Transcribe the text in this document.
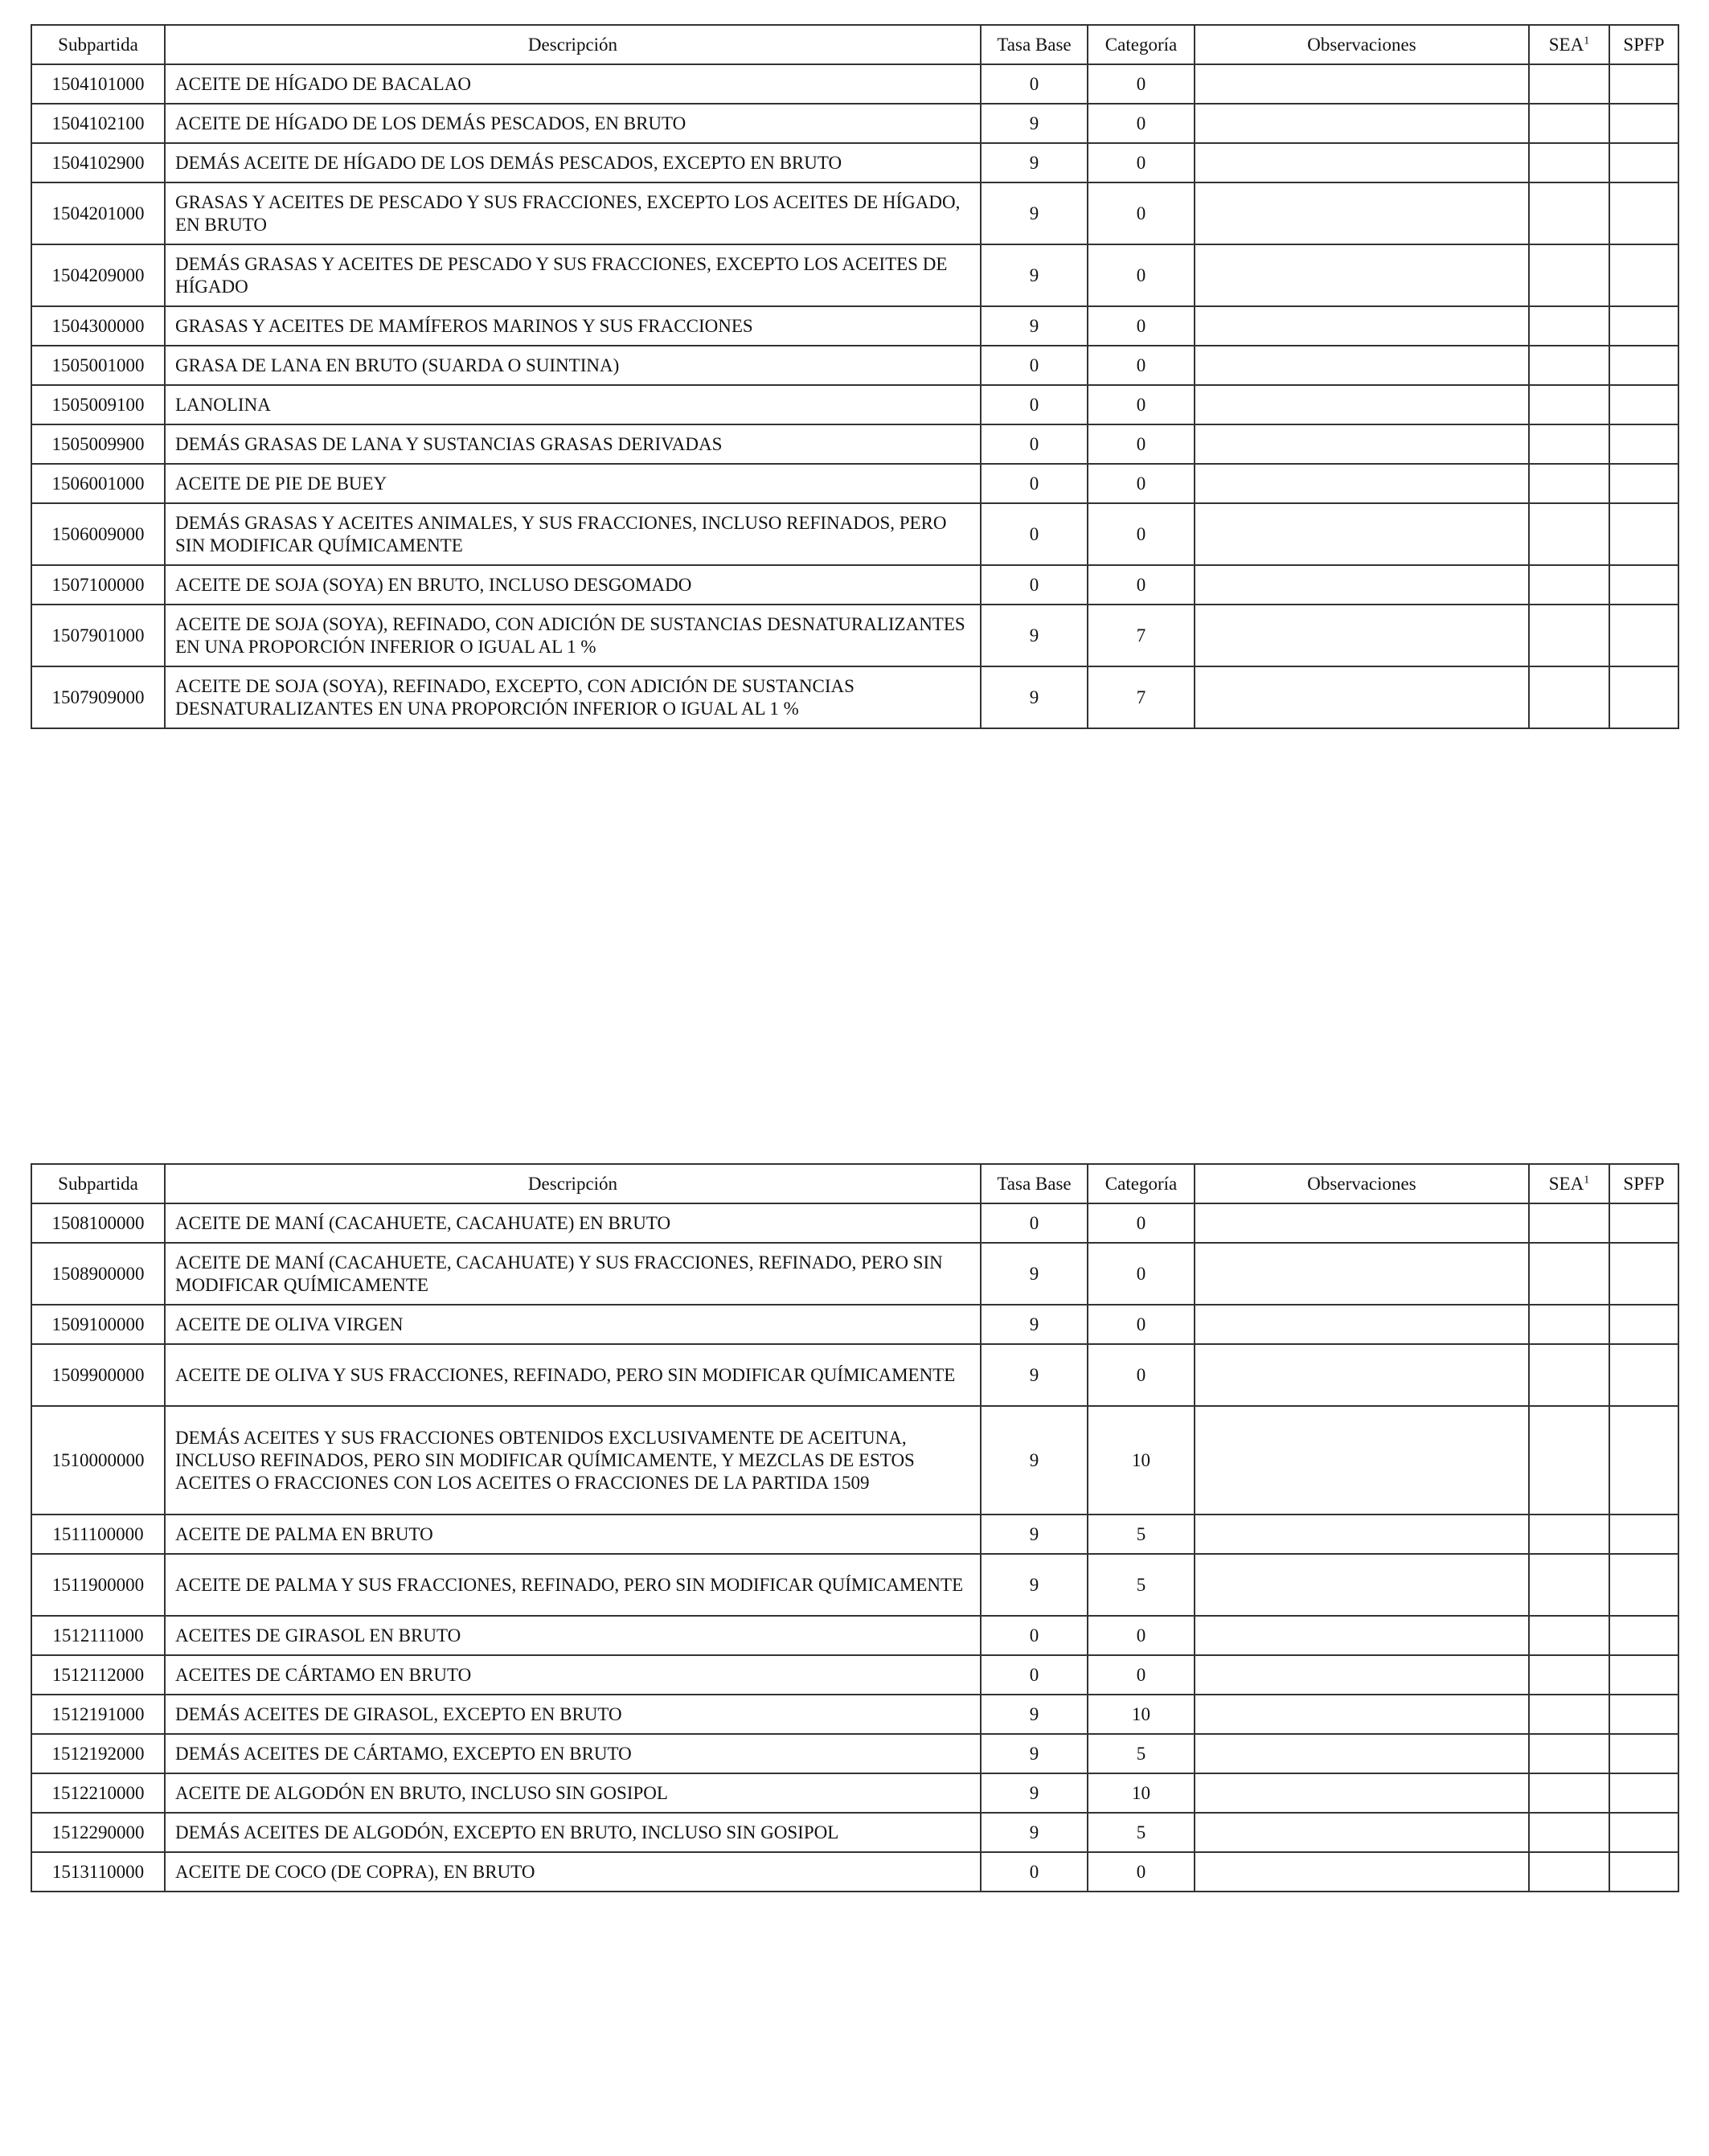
Subpartida	Descripción	Tasa Base	Categoría	Observaciones	SEA$^1$	SPFP
1504101000	ACEITE DE HÍGADO DE BACALAO	0	0			
1504102100	ACEITE DE HÍGADO DE LOS DEMÁS PESCADOS, EN BRUTO	9	0			
1504102900	DEMÁS ACEITE DE HÍGADO DE LOS DEMÁS PESCADOS, EXCEPTO EN BRUTO	9	0			
1504201000	GRASAS Y ACEITES DE PESCADO Y SUS FRACCIONES, EXCEPTO LOS ACEITES DE HÍGADO, EN BRUTO	9	0			
1504209000	DEMÁS GRASAS Y ACEITES DE PESCADO Y SUS FRACCIONES, EXCEPTO LOS ACEITES DE HÍGADO	9	0			
1504300000	GRASAS Y ACEITES DE MAMÍFEROS MARINOS Y SUS FRACCIONES	9	0			
1505001000	GRASA DE LANA EN BRUTO (SUARDA O SUINTINA)	0	0			
1505009100	LANOLINA	0	0			
1505009900	DEMÁS GRASAS DE LANA Y SUSTANCIAS GRASAS DERIVADAS	0	0			
1506001000	ACEITE DE PIE DE BUEY	0	0			
1506009000	DEMÁS GRASAS Y ACEITES ANIMALES, Y SUS FRACCIONES, INCLUSO REFINADOS, PERO SIN MODIFICAR QUÍMICAMENTE	0	0			
1507100000	ACEITE DE SOJA (SOYA) EN BRUTO, INCLUSO DESGOMADO	0	0			
1507901000	ACEITE DE SOJA (SOYA), REFINADO, CON ADICIÓN DE SUSTANCIAS DESNATURALIZANTES EN UNA PROPORCIÓN INFERIOR O IGUAL AL 1 %	9	7			
1507909000	ACEITE DE SOJA (SOYA), REFINADO, EXCEPTO, CON ADICIÓN DE SUSTANCIAS DESNATURALIZANTES EN UNA PROPORCIÓN INFERIOR O IGUAL AL 1 %	9	7			
Subpartida	Descripción	Tasa Base	Categoría	Observaciones	SEA$^1$	SPFP
1508100000	ACEITE DE MANÍ (CACAHUETE, CACAHUATE) EN BRUTO	0	0			
1508900000	ACEITE DE MANÍ (CACAHUETE, CACAHUATE) Y SUS FRACCIONES, REFINADO, PERO SIN MODIFICAR QUÍMICAMENTE	9	0			
1509100000	ACEITE DE OLIVA VIRGEN	9	0			
1509900000	ACEITE DE OLIVA Y SUS FRACCIONES, REFINADO, PERO SIN MODIFICAR QUÍMICAMENTE	9	0			
1510000000	DEMÁS ACEITES Y SUS FRACCIONES OBTENIDOS EXCLUSIVAMENTE DE ACEITUNA, INCLUSO REFINADOS, PERO SIN MODIFICAR QUÍMICAMENTE, Y MEZCLAS DE ESTOS ACEITES O FRACCIONES CON LOS ACEITES O FRACCIONES DE LA PARTIDA 1509	9	10			
1511100000	ACEITE DE PALMA EN BRUTO	9	5			
1511900000	ACEITE DE PALMA Y SUS FRACCIONES, REFINADO, PERO SIN MODIFICAR QUÍMICAMENTE	9	5			
1512111000	ACEITES DE GIRASOL EN BRUTO	0	0			
1512112000	ACEITES DE CÁRTAMO EN BRUTO	0	0			
1512191000	DEMÁS ACEITES DE GIRASOL, EXCEPTO EN BRUTO	9	10			
1512192000	DEMÁS ACEITES DE CÁRTAMO, EXCEPTO EN BRUTO	9	5			
1512210000	ACEITE DE ALGODÓN EN BRUTO, INCLUSO SIN GOSIPOL	9	10			
1512290000	DEMÁS ACEITES DE ALGODÓN, EXCEPTO EN BRUTO, INCLUSO SIN GOSIPOL	9	5			
1513110000	ACEITE DE COCO (DE COPRA), EN BRUTO	0	0			
